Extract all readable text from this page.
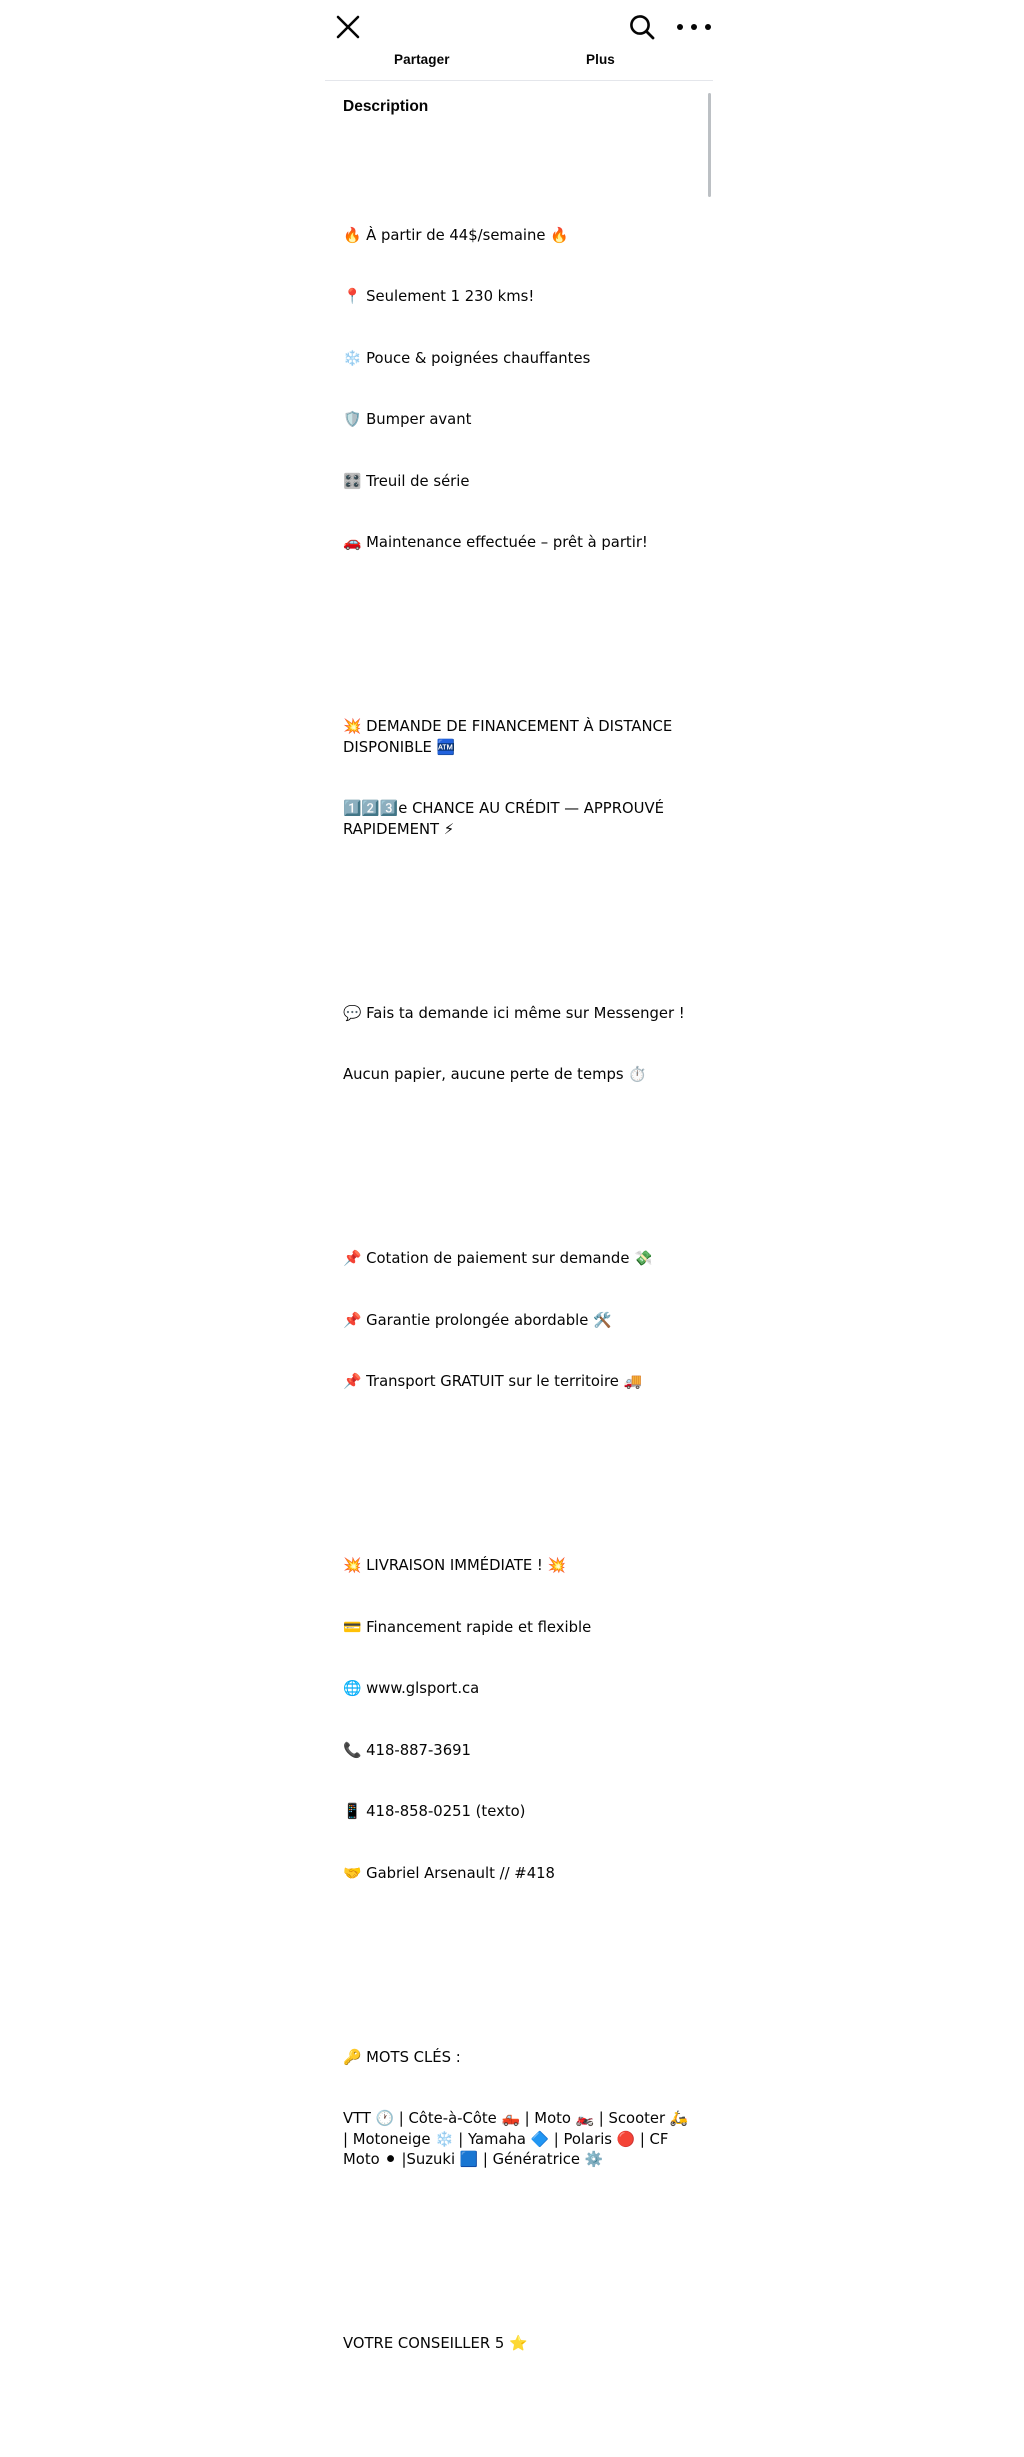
Partager	Plus
Description

🔥 À partir de 44$/semaine 🔥

📍 Seulement 1 230 kms!

❄️ Pouce & poignées chauffantes

🛡️ Bumper avant

🎛️ Treuil de série

🚗 Maintenance effectuée – prêt à partir!

💥 DEMANDE DE FINANCEMENT À DISTANCE DISPONIBLE 🏧

1️⃣2️⃣3️⃣e CHANCE AU CRÉDIT — APPROUVÉ RAPIDEMENT ⚡

💬 Fais ta demande ici même sur Messenger !

Aucun papier, aucune perte de temps ⏱️

📌 Cotation de paiement sur demande 💸

📌 Garantie prolongée abordable 🛠️

📌 Transport GRATUIT sur le territoire 🚚

💥 LIVRAISON IMMÉDIATE ! 💥

💳 Financement rapide et flexible

🌐 www.glsport.ca

📞 418-887-3691

📱 418-858-0251 (texto)

🤝 Gabriel Arsenault // #418

🔑 MOTS CLÉS :

VTT 🕐 | Côte-à-Côte 🛻 | Moto 🏍️ | Scooter 🛵 | Motoneige ❄️ | Yamaha 🔷 | Polaris 🔴 | CF Moto ⚫ |Suzuki 🟦 | Génératrice ⚙️

VOTRE CONSEILLER 5 ⭐
